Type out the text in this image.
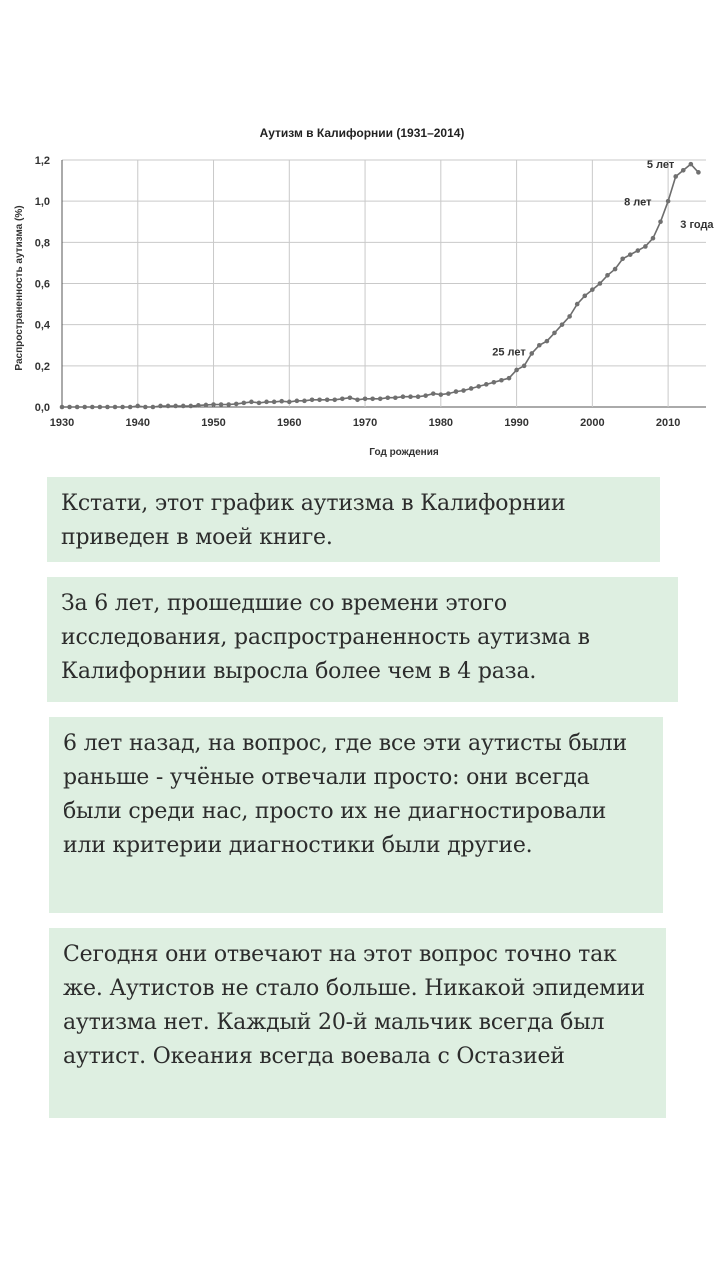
Аутизм в Калифорнии (1931–2014)
0,0
0,2
0,4
0,6
0,8
1,0
1,2
1930	1940	1950	1960	1970	1980	1990	2000	2010
25 лет
5 лет
8 лет
3 года
Год рождения
Распространенность аутизма (%)
Кстати, этот график аутизма в Калифорнии приведен в моей книге.
За 6 лет, прошедшие со времени этого исследования, распространенность аутизма в Калифорнии выросла более чем в 4 раза.
6 лет назад, на вопрос, где все эти аутисты были раньше - учёные отвечали просто: они всегда были среди нас, просто их не диагностировали или критерии диагностики были другие.
Сегодня они отвечают на этот вопрос точно так же. Аутистов не стало больше. Никакой эпидемии аутизма нет. Каждый 20-й мальчик всегда был аутист. Океания всегда воевала с Остазией
